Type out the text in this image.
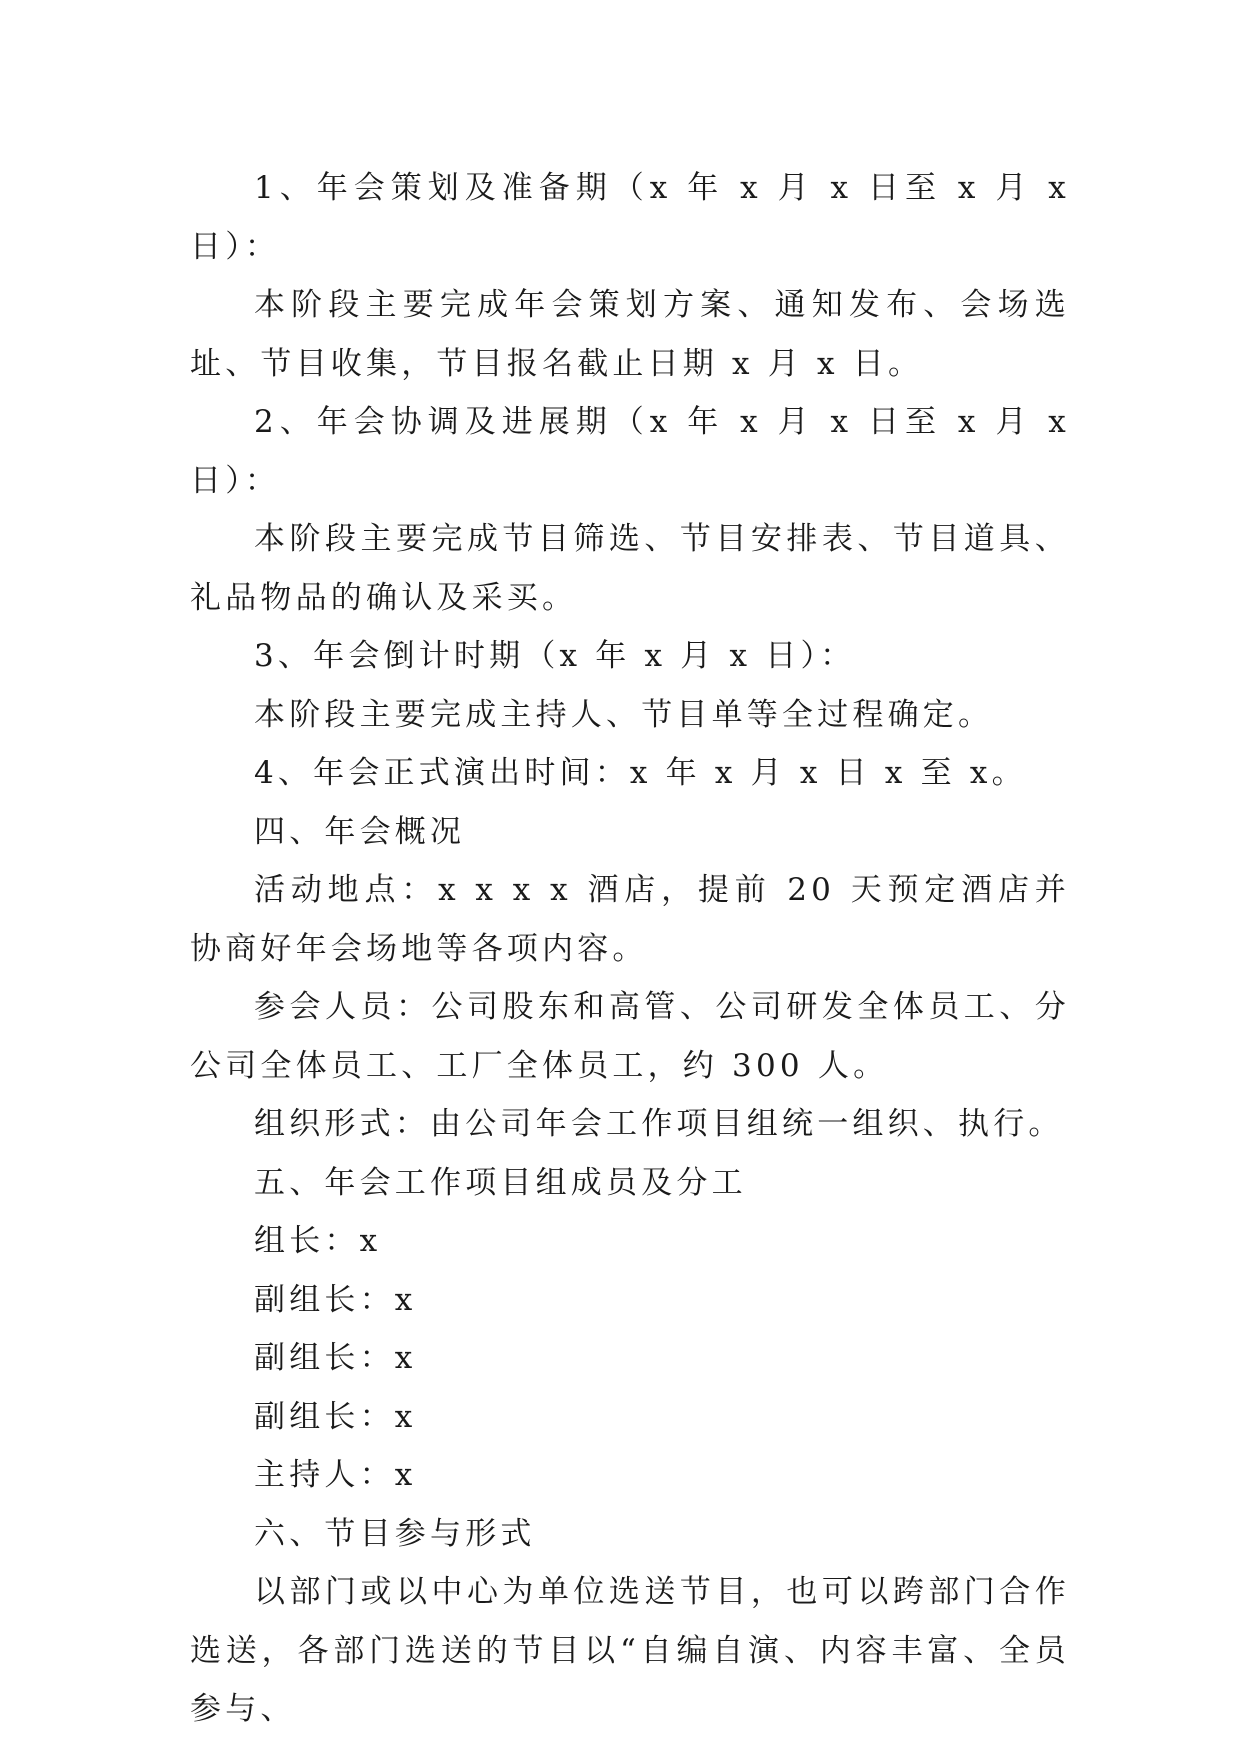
1、年会策划及准备期（x 年 x 月 x 日至 x 月 x 日）：

本阶段主要完成年会策划方案、通知发布、会场选址、节目收集，节目报名截止日期 x 月 x 日。

2、年会协调及进展期（x 年 x 月 x 日至 x 月 x 日）：

本阶段主要完成节目筛选、节目安排表、节目道具、礼品物品的确认及采买。

3、年会倒计时期（x 年 x 月 x 日）：

本阶段主要完成主持人、节目单等全过程确定。

4、年会正式演出时间：x 年 x 月 x 日 x 至 x。

四、年会概况

活动地点：x x x x 酒店，提前 20 天预定酒店并协商好年会场地等各项内容。

参会人员：公司股东和高管、公司研发全体员工、分公司全体员工、工厂全体员工，约 300 人。

组织形式：由公司年会工作项目组统一组织、执行。

五、年会工作项目组成员及分工

组长：x

副组长：x

副组长：x

副组长：x

主持人：x

六、节目参与形式

以部门或以中心为单位选送节目，也可以跨部门合作选送，各部门选送的节目以“自编自演、内容丰富、全员参与、
